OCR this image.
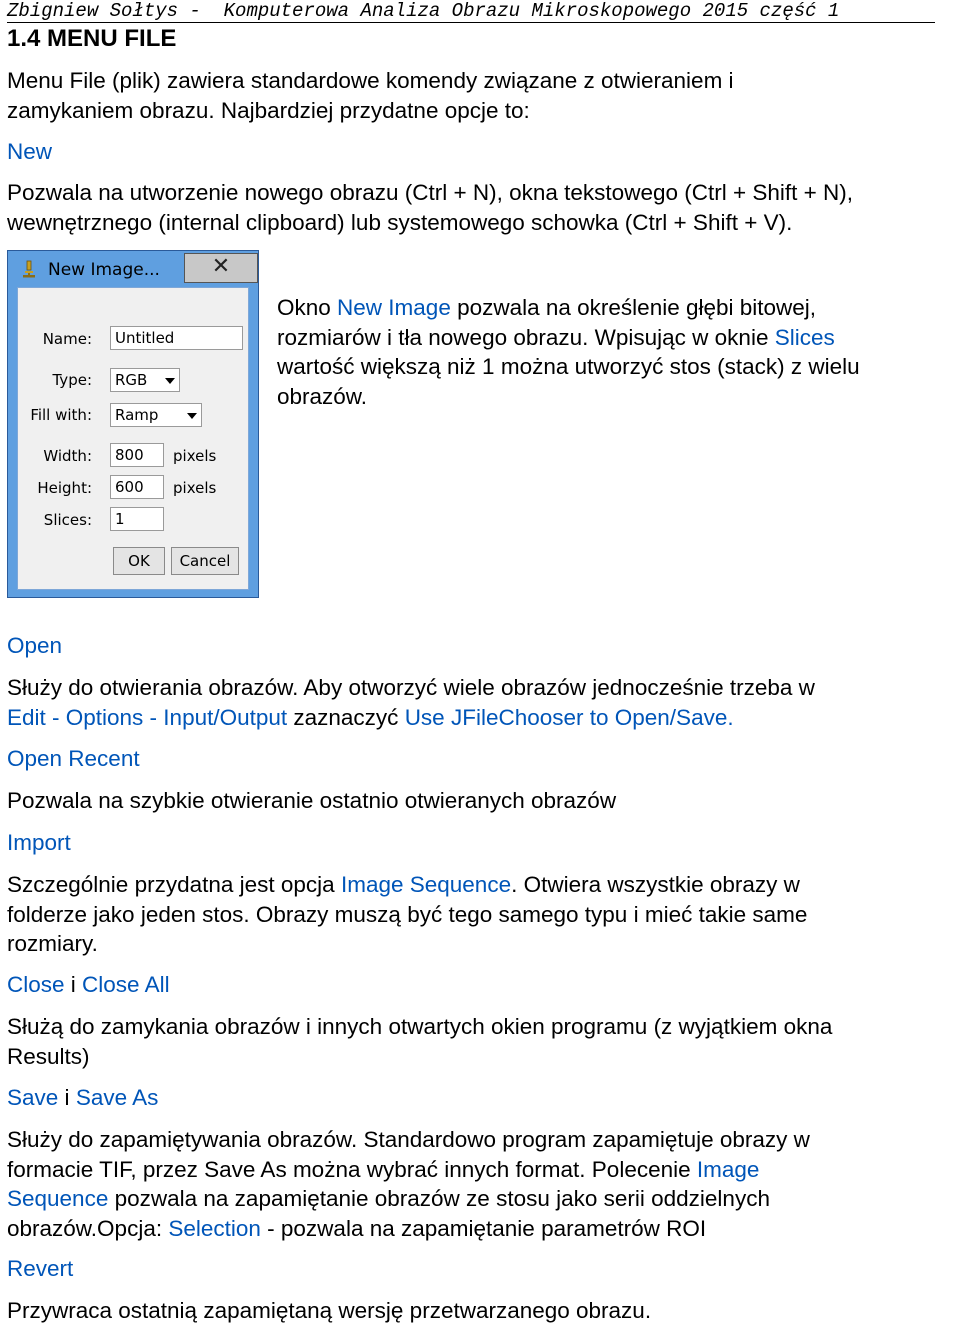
Zbigniew Sołtys -  Komputerowa Analiza Obrazu Mikroskopowego 2015 część 1
1.4 MENU FILE

Menu File (plik) zawiera standardowe komendy związane z otwieraniem i
zamykaniem obrazu. Najbardziej przydatne opcje to:

New

Pozwala na utworzenie nowego obrazu (Ctrl + N), okna tekstowego (Ctrl + Shift + N),
wewnętrznego (internal clipboard) lub systemowego schowka (Ctrl + Shift + V).

New Image...	✕
Name:	Untitled
Type:	RGB
Fill with:	Ramp
Width:	800	pixels
Height:	600	pixels
Slices:	1
OK	Cancel
Okno New Image pozwala na określenie głębi bitowej,
rozmiarów i tła nowego obrazu. Wpisując w oknie Slices
wartość większą niż 1 można utworzyć stos (stack) z wielu
obrazów.
Open

Służy do otwierania obrazów. Aby otworzyć wiele obrazów jednocześnie trzeba w
Edit - Options - Input/Output zaznaczyć Use JFileChooser to Open/Save.

Open Recent
Pozwala na szybkie otwieranie ostatnio otwieranych obrazów
Import

Szczególnie przydatna jest opcja Image Sequence. Otwiera wszystkie obrazy w
folderze jako jeden stos. Obrazy muszą być tego samego typu i mieć takie same
rozmiary.

Close i Close All

Służą do zamykania obrazów i innych otwartych okien programu (z wyjątkiem okna
Results)

Save i Save As

Służy do zapamiętywania obrazów. Standardowo program zapamiętuje obrazy w
formacie TIF, przez Save As można wybrać innych format. Polecenie Image
Sequence pozwala na zapamiętanie obrazów ze stosu jako serii oddzielnych
obrazów.Opcja: Selection - pozwala na zapamiętanie parametrów ROI

Revert
Przywraca ostatnią zapamiętaną wersję przetwarzanego obrazu.
